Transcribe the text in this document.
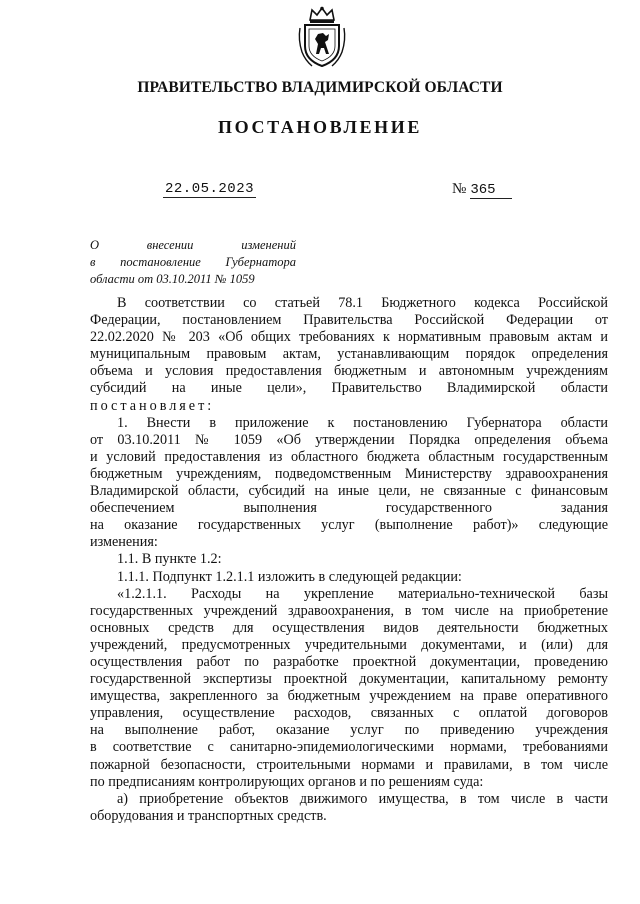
ПРАВИТЕЛЬСТВО ВЛАДИМИРСКОЙ ОБЛАСТИ
ПОСТАНОВЛЕНИЕ
22.05.2023	№ 365
О внесении изменений
в постановление Губернатора
области от 03.10.2011 № 1059

В соответствии со статьей 78.1 Бюджетного кодекса Российской

Федерации, постановлением Правительства Российской Федерации от

22.02.2020 № 203 «Об общих требованиях к нормативным правовым актам и

муниципальным правовым актам, устанавливающим порядок определения

объема и условия предоставления бюджетным и автономным учреждениям

субсидий на иные цели», Правительство Владимирской области

постановляет:

1. Внести в приложение к постановлению Губернатора области

от 03.10.2011 № 1059 «Об утверждении Порядка определения объема

и условий предоставления из областного бюджета областным государственным

бюджетным учреждениям, подведомственным Министерству здравоохранения

Владимирской области, субсидий на иные цели, не связанные с финансовым

обеспечением выполнения государственного задания

на оказание государственных услуг (выполнение работ)» следующие

изменения:

1.1. В пункте 1.2:

1.1.1. Подпункт 1.2.1.1 изложить в следующей редакции:

«1.2.1.1. Расходы на укрепление материально-технической базы

государственных учреждений здравоохранения, в том числе на приобретение

основных средств для осуществления видов деятельности бюджетных

учреждений, предусмотренных учредительными документами, и (или) для

осуществления работ по разработке проектной документации, проведению

государственной экспертизы проектной документации, капитальному ремонту

имущества, закрепленного за бюджетным учреждением на праве оперативного

управления, осуществление расходов, связанных с оплатой договоров

на выполнение работ, оказание услуг по приведению учреждения

в соответствие с санитарно-эпидемиологическими нормами, требованиями

пожарной безопасности, строительными нормами и правилами, в том числе

по предписаниям контролирующих органов и по решениям суда:

а) приобретение объектов движимого имущества, в том числе в части

оборудования и транспортных средств.
